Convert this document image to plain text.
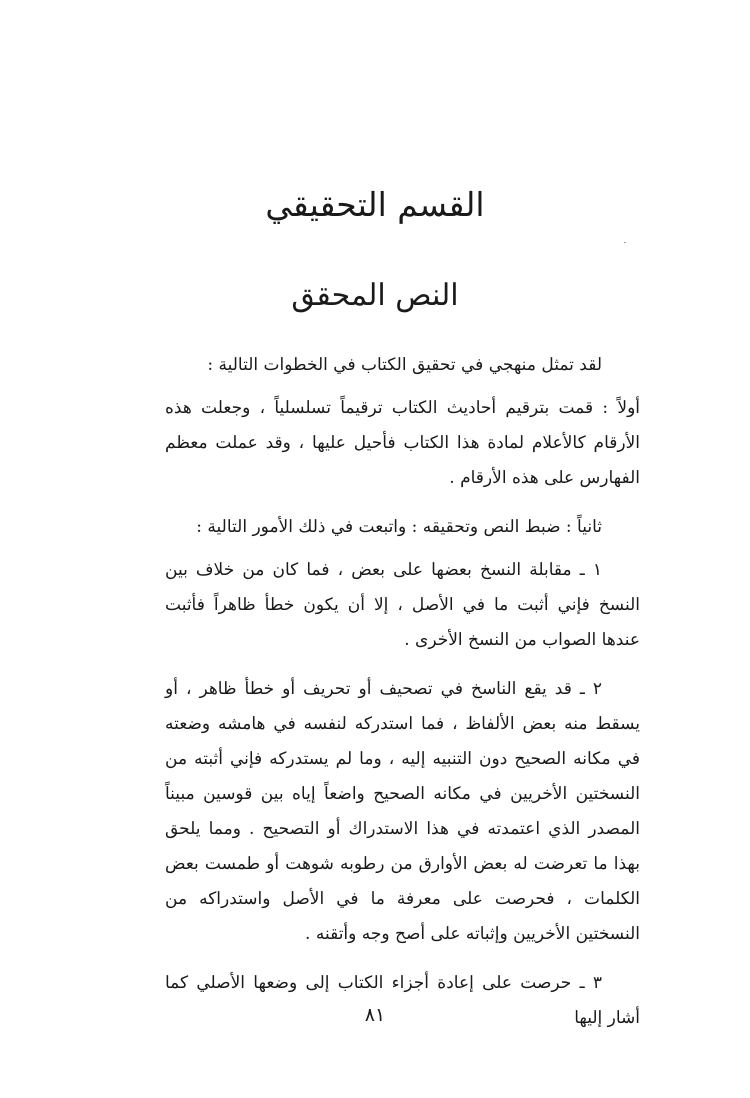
القسم التحقيقي
النص المحقق

لقد تمثل منهجي في تحقيق الكتاب في الخطوات التالية :

أولاً : قمت بترقيم أحاديث الكتاب ترقيماً تسلسلياً ، وجعلت هذه الأرقام كالأعلام لمادة هذا الكتاب فأحيل عليها ، وقد عملت معظم الفهارس على هذه الأرقام .

ثانياً : ضبط النص وتحقيقه : واتبعت في ذلك الأمور التالية :

١ ـ مقابلة النسخ بعضها على بعض ، فما كان من خلاف بين النسخ فإني أثبت ما في الأصل ، إلا أن يكون خطأ ظاهراً فأثبت عندها الصواب من النسخ الأخرى .

٢ ـ قد يقع الناسخ في تصحيف أو تحريف أو خطأ ظاهر ، أو يسقط منه بعض الألفاظ ، فما استدركه لنفسه في هامشه وضعته في مكانه الصحيح دون التنبيه إليه ، وما لم يستدركه فإني أثبته من النسختين الأخريين في مكانه الصحيح واضعاً إياه بين قوسين مبيناً المصدر الذي اعتمدته في هذا الاستدراك أو التصحيح . ومما يلحق بهذا ما تعرضت له بعض الأوارق من رطوبه شوهت أو طمست بعض الكلمات ، فحرصت على معرفة ما في الأصل واستدراكه من النسختين الأخريين وإثباته على أصح وجه وأتقنه .

٣ ـ حرصت على إعادة أجزاء الكتاب إلى وضعها الأصلي كما أشار إليها

٨١
